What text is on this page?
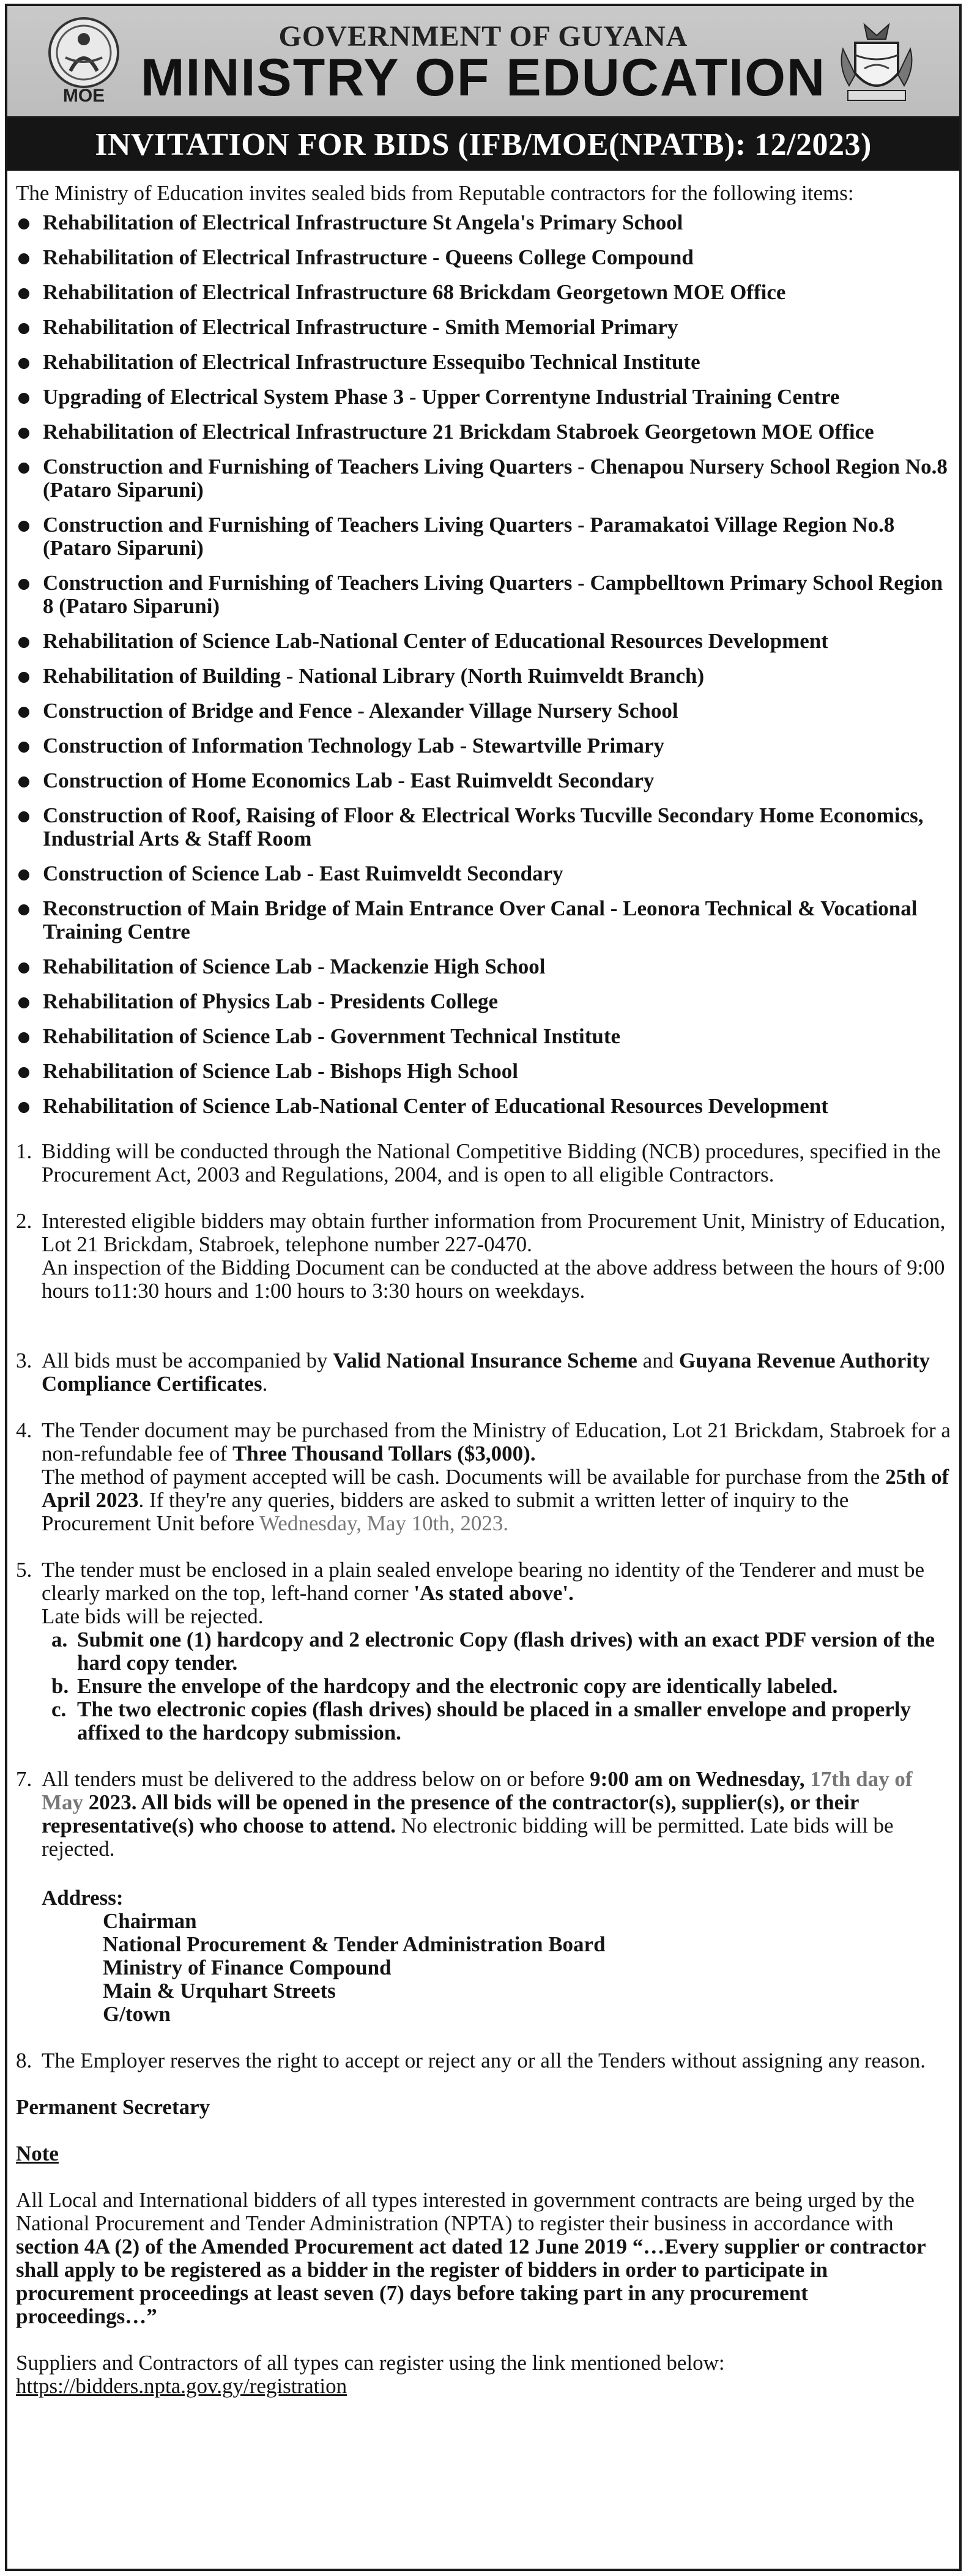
MOE
GOVERNMENT OF GUYANA
MINISTRY OF EDUCATION
INVITATION FOR BIDS (IFB/MOE(NPATB): 12/2023)

The Ministry of Education invites sealed bids from Reputable contractors for the following items:

Rehabilitation of Electrical Infrastructure St Angela's Primary School
Rehabilitation of Electrical Infrastructure - Queens College Compound
Rehabilitation of Electrical Infrastructure 68 Brickdam Georgetown MOE Office
Rehabilitation of Electrical Infrastructure - Smith Memorial Primary
Rehabilitation of Electrical Infrastructure Essequibo Technical Institute
Upgrading of Electrical System Phase 3 - Upper Correntyne Industrial Training Centre
Rehabilitation of Electrical Infrastructure 21 Brickdam Stabroek Georgetown MOE Office
Construction and Furnishing of Teachers Living Quarters - Chenapou Nursery School Region No.8 (Pataro Siparuni)
Construction and Furnishing of Teachers Living Quarters - Paramakatoi Village Region No.8 (Pataro Siparuni)
Construction and Furnishing of Teachers Living Quarters - Campbelltown Primary School Region 8 (Pataro Siparuni)
Rehabilitation of Science Lab-National Center of Educational Resources Development
Rehabilitation of Building - National Library (North Ruimveldt Branch)
Construction of Bridge and Fence - Alexander Village Nursery School
Construction of Information Technology Lab - Stewartville Primary
Construction of Home Economics Lab - East Ruimveldt Secondary
Construction of Roof, Raising of Floor & Electrical Works Tucville Secondary Home Economics, Industrial Arts & Staff Room
Construction of Science Lab - East Ruimveldt Secondary
Reconstruction of Main Bridge of Main Entrance Over Canal - Leonora Technical & Vocational Training Centre
Rehabilitation of Science Lab - Mackenzie High School
Rehabilitation of Physics Lab - Presidents College
Rehabilitation of Science Lab - Government Technical Institute
Rehabilitation of Science Lab - Bishops High School
Rehabilitation of Science Lab-National Center of Educational Resources Development
1. Bidding will be conducted through the National Competitive Bidding (NCB) procedures, specified in the Procurement Act, 2003 and Regulations, 2004, and is open to all eligible Contractors.
2. Interested eligible bidders may obtain further information from Procurement Unit, Ministry of Education, Lot 21 Brickdam, Stabroek, telephone number 227-0470.
An inspection of the Bidding Document can be conducted at the above address between the hours of 9:00 hours to11:30 hours and 1:00 hours to 3:30 hours on weekdays.
3. All bids must be accompanied by Valid National Insurance Scheme and Guyana Revenue Authority Compliance Certificates.
4. The Tender document may be purchased from the Ministry of Education, Lot 21 Brickdam, Stabroek for a non-refundable fee of Three Thousand Tollars ($3,000).
The method of payment accepted will be cash. Documents will be available for purchase from the 25th of April 2023. If they're any queries, bidders are asked to submit a written letter of inquiry to the Procurement Unit before Wednesday, May 10th, 2023.
5. The tender must be enclosed in a plain sealed envelope bearing no identity of the Tenderer and must be clearly marked on the top, left-hand corner 'As stated above'.
Late bids will be rejected.
a. Submit one (1) hardcopy and 2 electronic Copy (flash drives) with an exact PDF version of the hard copy tender.
b. Ensure the envelope of the hardcopy and the electronic copy are identically labeled.
c. The two electronic copies (flash drives) should be placed in a smaller envelope and properly affixed to the hardcopy submission.
7. All tenders must be delivered to the address below on or before 9:00 am on Wednesday, 17th day of May 2023. All bids will be opened in the presence of the contractor(s), supplier(s), or their representative(s) who choose to attend. No electronic bidding will be permitted. Late bids will be rejected.
Address:
Chairman
National Procurement & Tender Administration Board
Ministry of Finance Compound
Main & Urquhart Streets
G/town
8. The Employer reserves the right to accept or reject any or all the Tenders without assigning any reason.
Permanent Secretary
Note
All Local and International bidders of all types interested in government contracts are being urged by the National Procurement and Tender Administration (NPTA) to register their business in accordance with section 4A (2) of the Amended Procurement act dated 12 June 2019 “…Every supplier or contractor shall apply to be registered as a bidder in the register of bidders in order to participate in procurement proceedings at least seven (7) days before taking part in any procurement proceedings…”
Suppliers and Contractors of all types can register using the link mentioned below:
https://bidders.npta.gov.gy/registration
